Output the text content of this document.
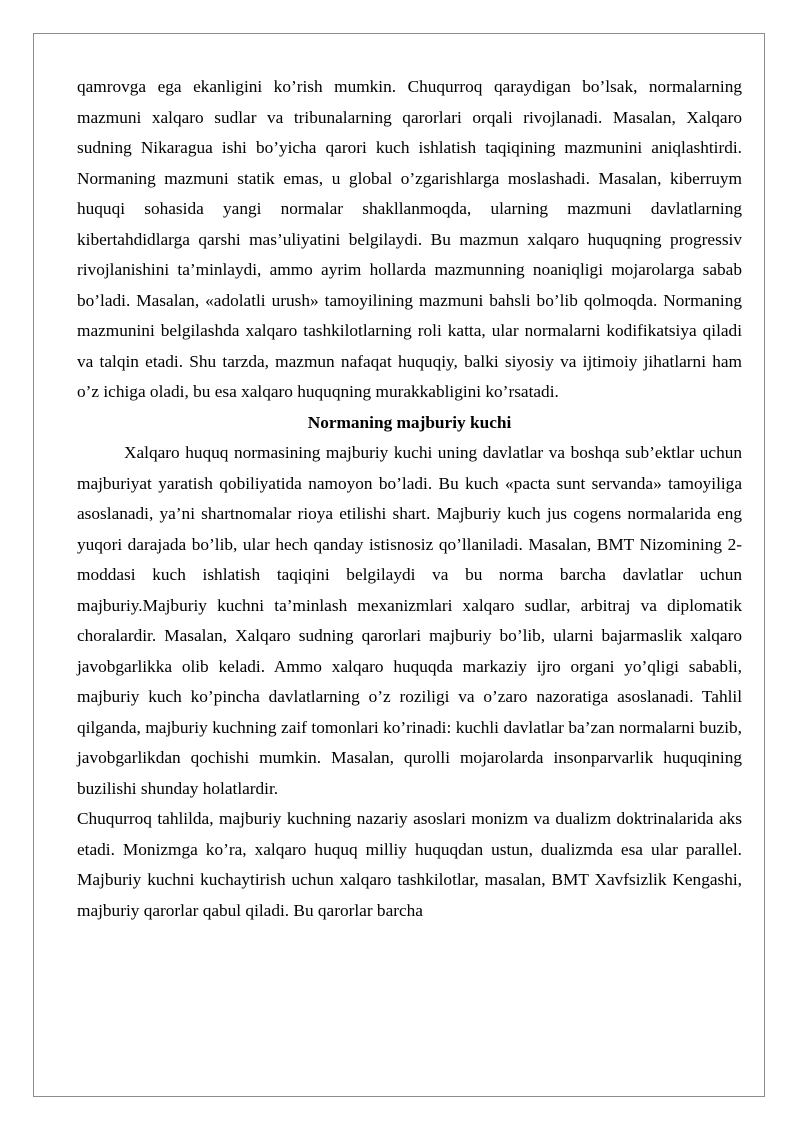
qamrovga ega ekanligini ko’rish mumkin. Chuqurroq qaraydigan bo’lsak, normalarning mazmuni xalqaro sudlar va tribunalarning qarorlari orqali rivojlanadi. Masalan, Xalqaro sudning Nikaragua ishi bo’yicha qarori kuch ishlatish taqiqining mazmunini aniqlashtirdi. Normaning mazmuni statik emas, u global o’zgarishlarga moslashadi. Masalan, kiberruym huquqi sohasida yangi normalar shakllanmoqda, ularning mazmuni davlatlarning kibertahdidlarga qarshi mas’uliyatini belgilaydi. Bu mazmun xalqaro huquqning progressiv rivojlanishini ta’minlaydi, ammo ayrim hollarda mazmunning noaniqligi mojarolarga sabab bo’ladi. Masalan, «adolatli urush» tamoyilining mazmuni bahsli bo’lib qolmoqda. Normaning mazmunini belgilashda xalqaro tashkilotlarning roli katta, ular normalarni kodifikatsiya qiladi va talqin etadi. Shu tarzda, mazmun nafaqat huquqiy, balki siyosiy va ijtimoiy jihatlarni ham o’z ichiga oladi, bu esa xalqaro huquqning murakkabligini ko’rsatadi.

Normaning majburiy kuchi

Xalqaro huquq normasining majburiy kuchi uning davlatlar va boshqa sub’ektlar uchun majburiyat yaratish qobiliyatida namoyon bo’ladi. Bu kuch «pacta sunt servanda» tamoyiliga asoslanadi, ya’ni shartnomalar rioya etilishi shart. Majburiy kuch jus cogens normalarida eng yuqori darajada bo’lib, ular hech qanday istisnosiz qo’llaniladi. Masalan, BMT Nizomining 2-moddasi kuch ishlatish taqiqini belgilaydi va bu norma barcha davlatlar uchun majburiy.Majburiy kuchni ta’minlash mexanizmlari xalqaro sudlar, arbitraj va diplomatik choralardir. Masalan, Xalqaro sudning qarorlari majburiy bo’lib, ularni bajarmaslik xalqaro javobgarlikka olib keladi. Ammo xalqaro huquqda markaziy ijro organi yo’qligi sababli, majburiy kuch ko’pincha davlatlarning o’z roziligi va o’zaro nazoratiga asoslanadi. Tahlil qilganda, majburiy kuchning zaif tomonlari ko’rinadi: kuchli davlatlar ba’zan normalarni buzib, javobgarlikdan qochishi mumkin. Masalan, qurolli mojarolarda insonparvarlik huquqining buzilishi shunday holatlardir.

Chuqurroq tahlilda, majburiy kuchning nazariy asoslari monizm va dualizm doktrinalarida aks etadi. Monizmga ko’ra, xalqaro huquq milliy huquqdan ustun, dualizmda esa ular parallel. Majburiy kuchni kuchaytirish uchun xalqaro tashkilotlar, masalan, BMT Xavfsizlik Kengashi, majburiy qarorlar qabul qiladi. Bu qarorlar barcha
